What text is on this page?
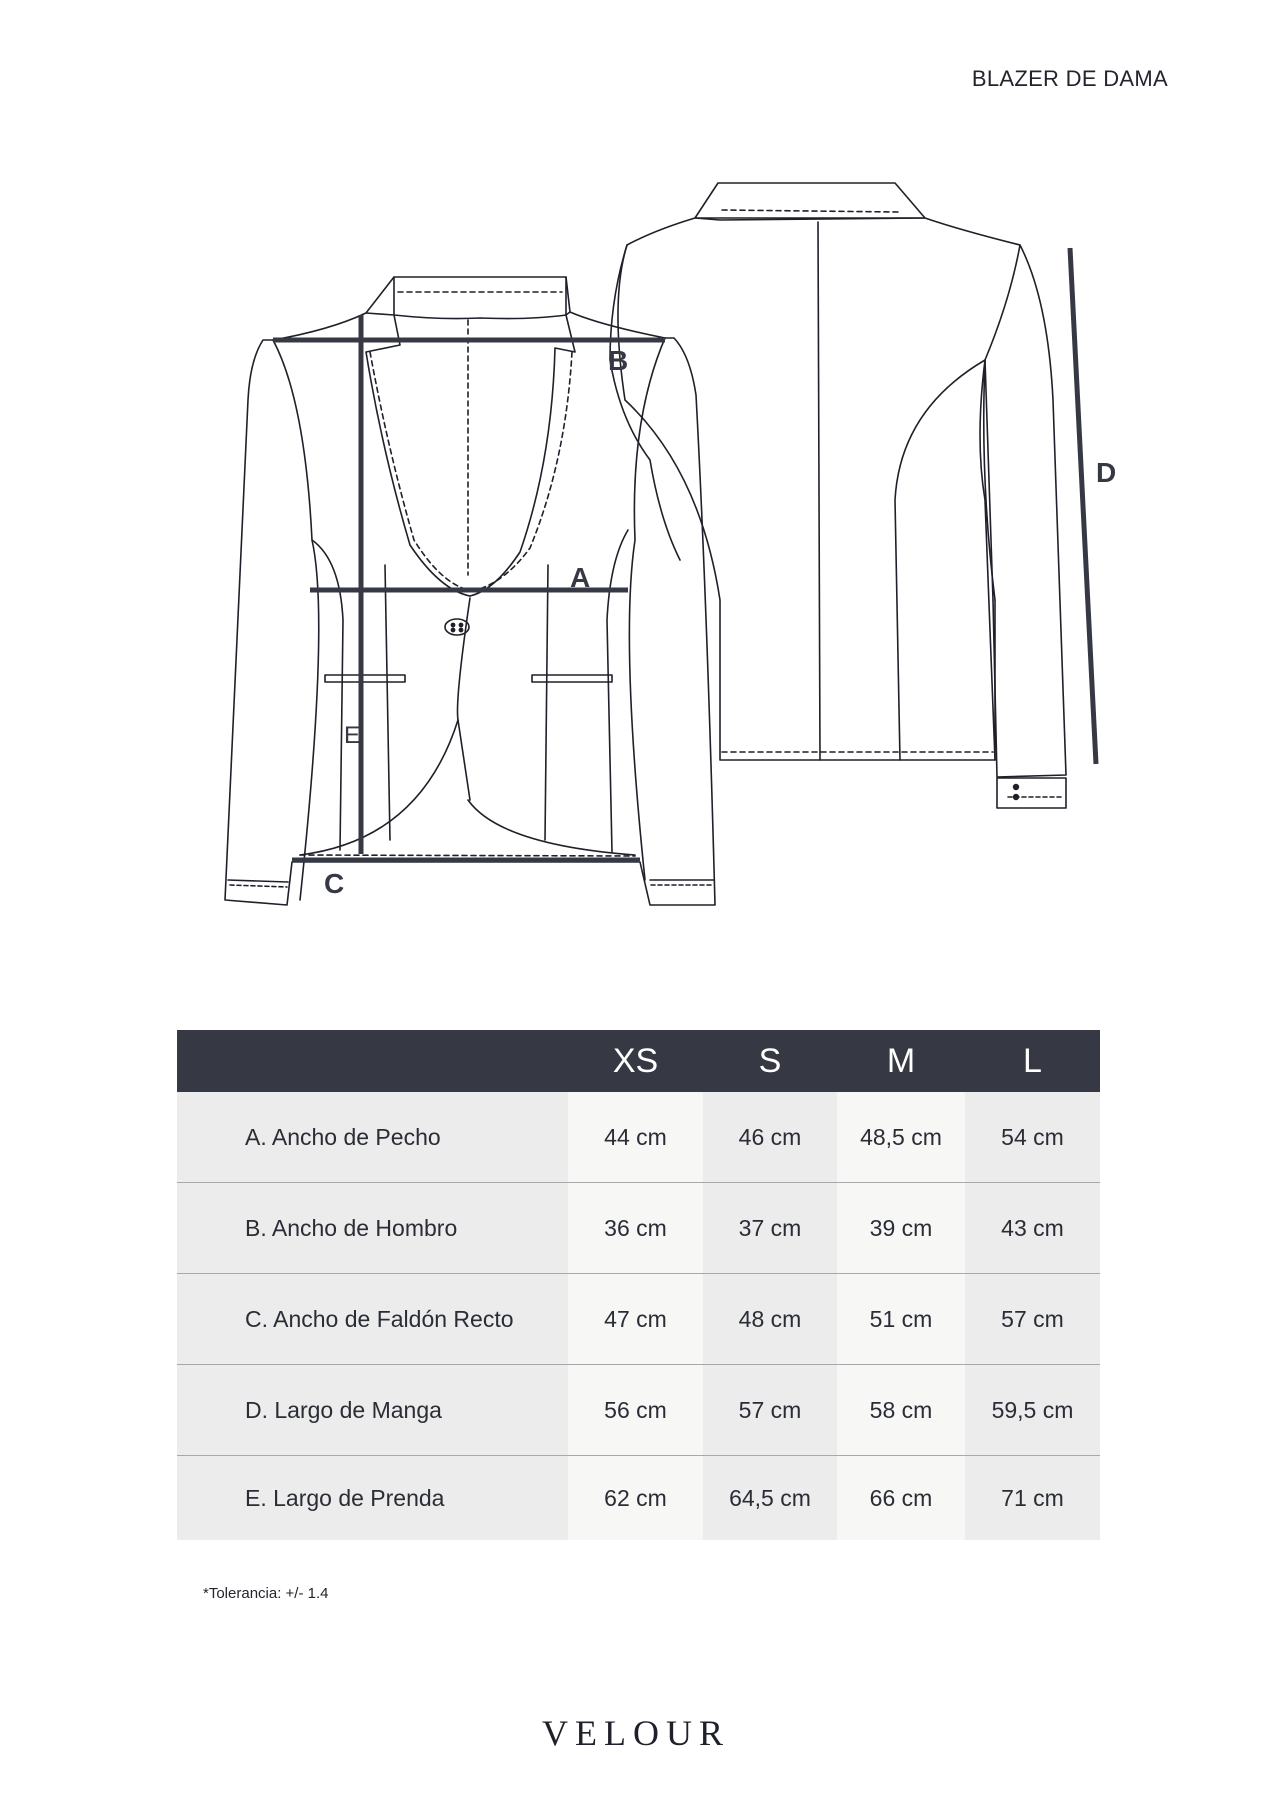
BLAZER DE DAMA
A
B
C
D
E
	XS	S	M	L
A. Ancho de Pecho	44 cm	46 cm	48,5 cm	54 cm
B. Ancho de Hombro	36 cm	37 cm	39 cm	43 cm
C. Ancho de Faldón Recto	47 cm	48 cm	51 cm	57 cm
D. Largo de Manga	56 cm	57 cm	58 cm	59,5 cm
E. Largo de Prenda	62 cm	64,5 cm	66 cm	71 cm
*Tolerancia: +/- 1.4
VELOUR
